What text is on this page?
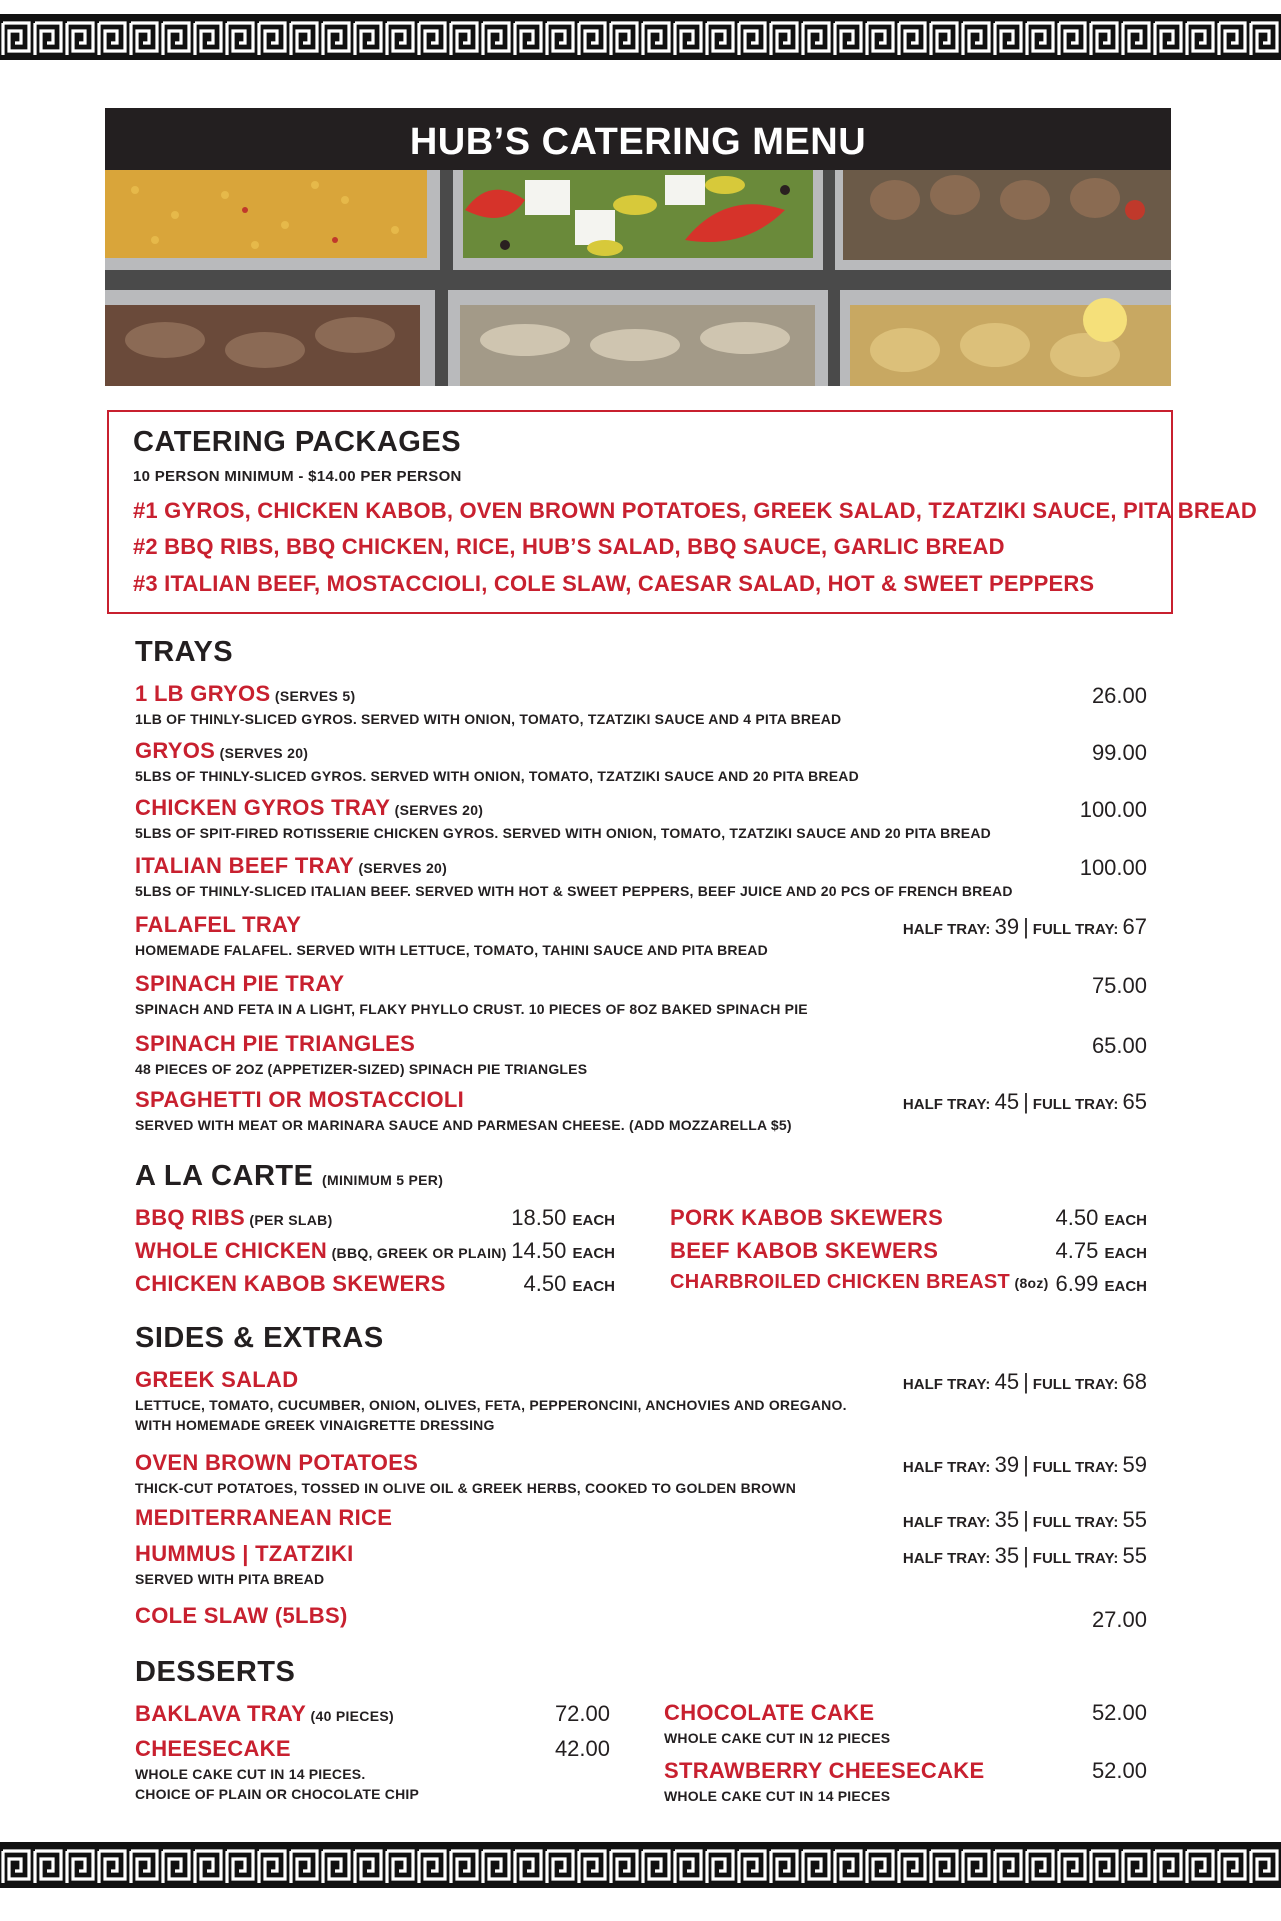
HUB’S CATERING MENU
CATERING PACKAGES
10 PERSON MINIMUM - $14.00 PER PERSON
#1 GYROS, CHICKEN KABOB, OVEN BROWN POTATOES, GREEK SALAD, TZATZIKI SAUCE, PITA BREAD
#2 BBQ RIBS, BBQ CHICKEN, RICE, HUB’S SALAD, BBQ SAUCE, GARLIC BREAD
#3 ITALIAN BEEF, MOSTACCIOLI, COLE SLAW, CAESAR SALAD, HOT & SWEET PEPPERS
TRAYS
1 LB GRYOS (SERVES 5)
1LB OF THINLY-SLICED GYROS. SERVED WITH ONION, TOMATO, TZATZIKI SAUCE AND 4 PITA BREAD
26.00
GRYOS (SERVES 20)
5LBS OF THINLY-SLICED GYROS. SERVED WITH ONION, TOMATO, TZATZIKI SAUCE AND 20 PITA BREAD
99.00
CHICKEN GYROS TRAY (SERVES 20)
5LBS OF SPIT-FIRED ROTISSERIE CHICKEN GYROS. SERVED WITH ONION, TOMATO, TZATZIKI SAUCE AND 20 PITA BREAD
100.00
ITALIAN BEEF TRAY (SERVES 20)
5LBS OF THINLY-SLICED ITALIAN BEEF. SERVED WITH HOT & SWEET PEPPERS, BEEF JUICE AND 20 PCS OF FRENCH BREAD
100.00
FALAFEL TRAY
HOMEMADE FALAFEL. SERVED WITH LETTUCE, TOMATO, TAHINI SAUCE AND PITA BREAD
HALF TRAY: 39 | FULL TRAY: 67
SPINACH PIE TRAY
SPINACH AND FETA IN A LIGHT, FLAKY PHYLLO CRUST. 10 PIECES OF 8OZ BAKED SPINACH PIE
75.00
SPINACH PIE TRIANGLES
48 PIECES OF 2OZ (APPETIZER-SIZED) SPINACH PIE TRIANGLES
65.00
SPAGHETTI OR MOSTACCIOLI
SERVED WITH MEAT OR MARINARA SAUCE AND PARMESAN CHEESE. (ADD MOZZARELLA $5)
HALF TRAY: 45 | FULL TRAY: 65
A LA CARTE (MINIMUM 5 PER)
BBQ RIBS (PER SLAB)	18.50 EACH
WHOLE CHICKEN (BBQ, GREEK OR PLAIN) 14.50 EACH
CHICKEN KABOB SKEWERS	4.50 EACH
PORK KABOB SKEWERS	4.50 EACH
BEEF KABOB SKEWERS	4.75 EACH
CHARBROILED CHICKEN BREAST (8oz) 6.99 EACH
SIDES & EXTRAS
GREEK SALAD
LETTUCE, TOMATO, CUCUMBER, ONION, OLIVES, FETA, PEPPERONCINI, ANCHOVIES AND OREGANO.
WITH HOMEMADE GREEK VINAIGRETTE DRESSING
HALF TRAY: 45 | FULL TRAY: 68
OVEN BROWN POTATOES
THICK-CUT POTATOES, TOSSED IN OLIVE OIL & GREEK HERBS, COOKED TO GOLDEN BROWN
HALF TRAY: 39 | FULL TRAY: 59
MEDITERRANEAN RICE	HALF TRAY: 35 | FULL TRAY: 55
HUMMUS | TZATZIKI
SERVED WITH PITA BREAD
HALF TRAY: 35 | FULL TRAY: 55
COLE SLAW (5LBS)	27.00
DESSERTS
BAKLAVA TRAY (40 PIECES)	72.00
CHEESECAKE
WHOLE CAKE CUT IN 14 PIECES.
CHOICE OF PLAIN OR CHOCOLATE CHIP
42.00
CHOCOLATE CAKE
WHOLE CAKE CUT IN 12 PIECES
52.00
STRAWBERRY CHEESECAKE
WHOLE CAKE CUT IN 14 PIECES
52.00
